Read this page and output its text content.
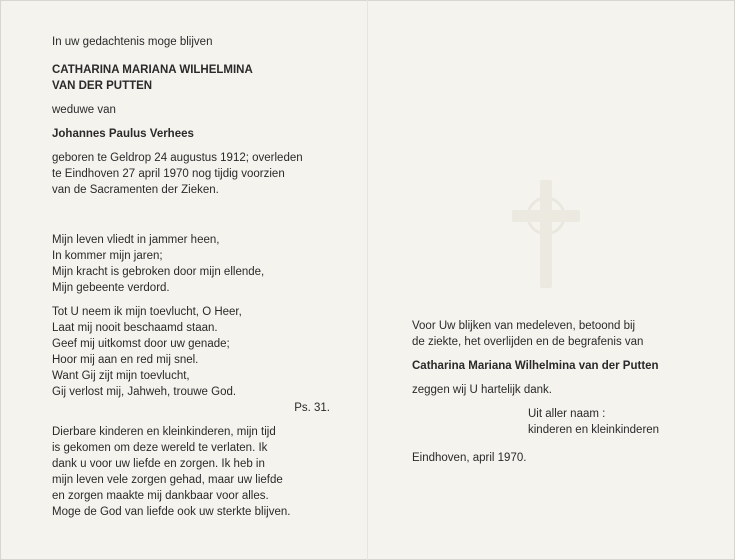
In uw gedachtenis moge blijven

CATHARINA MARIANA WILHELMINA

VAN DER PUTTEN

weduwe van

Johannes Paulus Verhees

geboren te Geldrop 24 augustus 1912; overleden

te Eindhoven 27 april 1970 nog tijdig voorzien

van de Sacramenten der Zieken.

Mijn leven vliedt in jammer heen,

In kommer mijn jaren;

Mijn kracht is gebroken door mijn ellende,

Mijn gebeente verdord.

Tot U neem ik mijn toevlucht, O Heer,

Laat mij nooit beschaamd staan.

Geef mij uitkomst door uw genade;

Hoor mij aan en red mij snel.

Want Gij zijt mijn toevlucht,

Gij verlost mij, Jahweh, trouwe God.

Ps. 31.

Dierbare kinderen en kleinkinderen, mijn tijd

is gekomen om deze wereld te verlaten. Ik

dank u voor uw liefde en zorgen. Ik heb in

mijn leven vele zorgen gehad, maar uw liefde

en zorgen maakte mij dankbaar voor alles.

Moge de God van liefde ook uw sterkte blijven.

Voor Uw blijken van medeleven, betoond bij

de ziekte, het overlijden en de begrafenis van

Catharina Mariana Wilhelmina van der Putten

zeggen wij U hartelijk dank.

Uit aller naam :

kinderen en kleinkinderen

Eindhoven, april 1970.
